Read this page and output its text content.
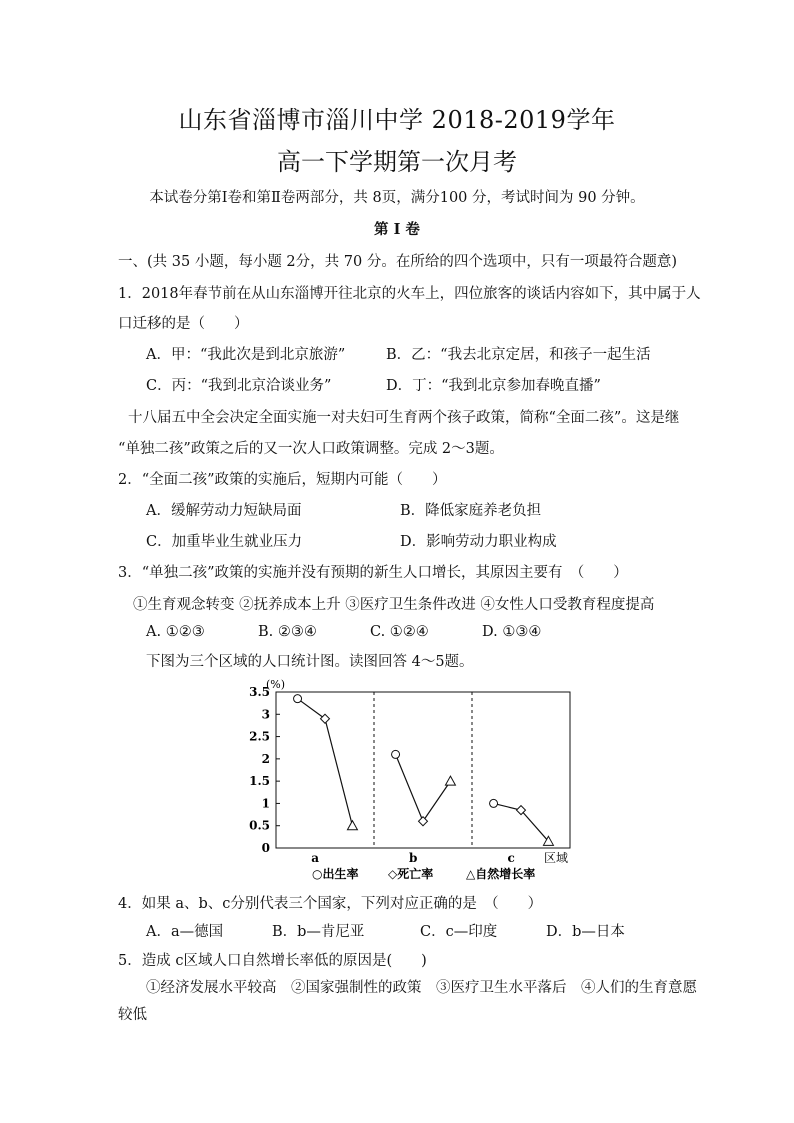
山东省淄博市淄川中学 2018-2019学年
高一下学期第一次月考
本试卷分第Ⅰ卷和第Ⅱ卷两部分，共 8页，满分100 分，考试时间为 90 分钟。
第 Ⅰ 卷
一、(共 35 小题，每小题 2分，共 70 分。在所给的四个选项中，只有一项最符合题意)
1．2018年春节前在从山东淄博开往北京的火车上，四位旅客的谈话内容如下，其中属于人
口迁移的是（　　）
A．甲：“我此次是到北京旅游”	B．乙：“我去北京定居，和孩子一起生活
C．丙：“我到北京洽谈业务”	D．丁：“我到北京参加春晚直播”
十八届五中全会决定全面实施一对夫妇可生育两个孩子政策，简称“全面二孩”。这是继
“单独二孩”政策之后的又一次人口政策调整。完成 2～3题。
2．“全面二孩”政策的实施后，短期内可能（　　）
A．缓解劳动力短缺局面	B．降低家庭养老负担
C．加重毕业生就业压力	D．影响劳动力职业构成
3．“单独二孩”政策的实施并没有预期的新生人口增长，其原因主要有　（　　）
①生育观念转变 ②抚养成本上升 ③医疗卫生条件改进 ④女性人口受教育程度提高
A. ①②③	B. ②③④	C. ①②④	D. ①③④
下图为三个区域的人口统计图。读图回答 4～5题。
(%)
0
0.5
1
1.5
2
2.5
3
3.5
a	b	c 区域
○出生率 ◇死亡率	△自然增长率
4．如果 a、b、c分别代表三个国家，下列对应正确的是　（　　）
A．a—德国	B．b—肯尼亚	C．c—印度	D．b—日本
5．造成 c区域人口自然增长率低的原因是(　　)
①经济发展水平较高　②国家强制性的政策　③医疗卫生水平落后　④人们的生育意愿
较低
